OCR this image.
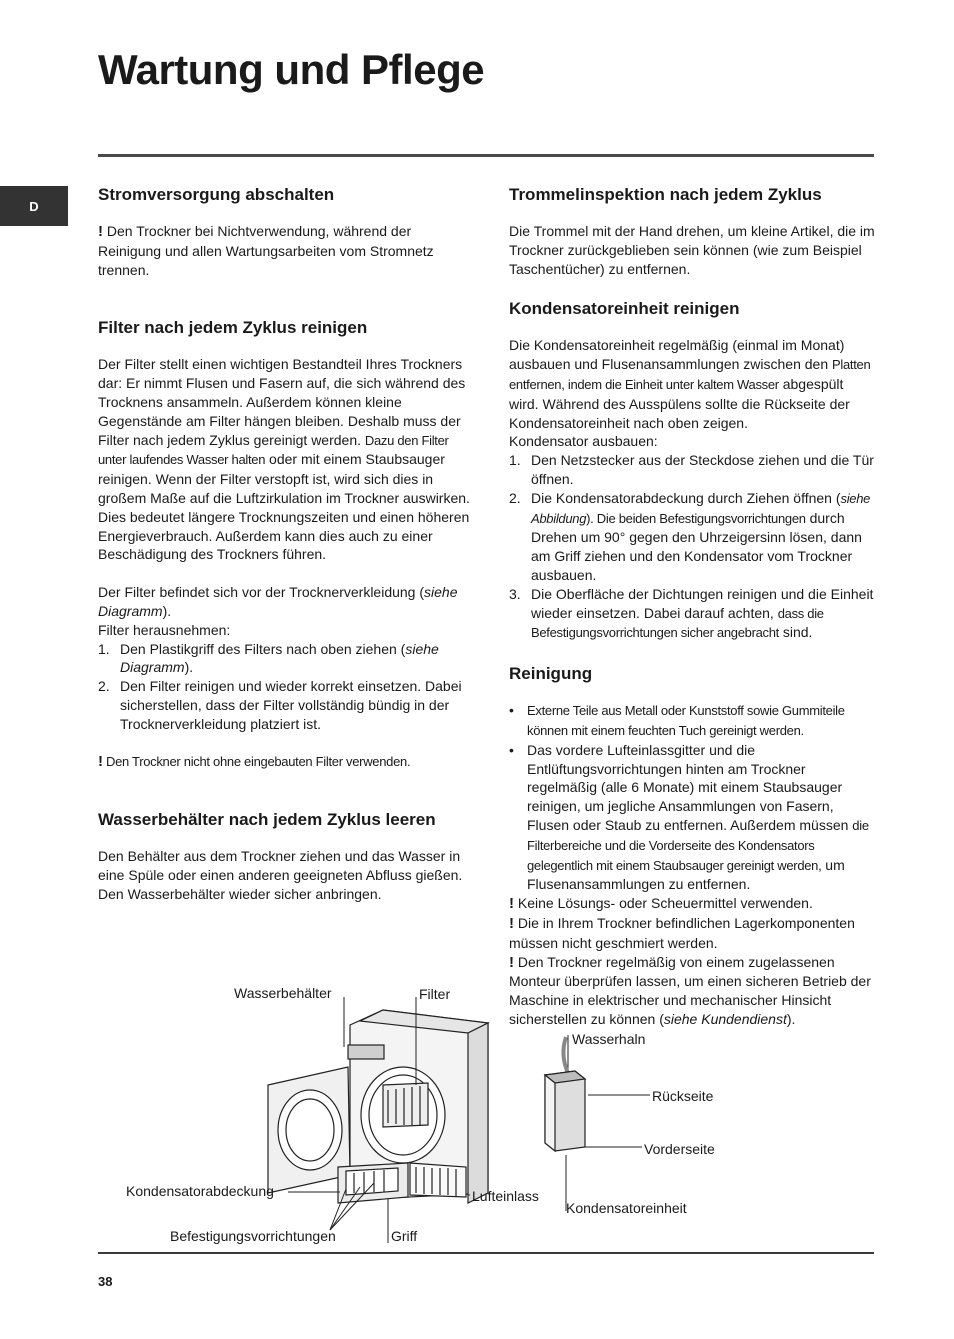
Wartung und Pflege
D
Stromversorgung abschalten

! Den Trockner bei Nichtverwendung, während der Reinigung und allen Wartungsarbeiten vom Stromnetz trennen.

Filter nach jedem Zyklus reinigen

Der Filter stellt einen wichtigen Bestandteil Ihres Trockners dar: Er nimmt Flusen und Fasern auf, die sich während des Trocknens ansammeln. Außerdem können kleine Gegenstände am Filter hängen bleiben. Deshalb muss der Filter nach jedem Zyklus gereinigt werden. Dazu den Filter unter laufendes Wasser halten oder mit einem Staubsauger reinigen. Wenn der Filter verstopft ist, wird sich dies in großem Maße auf die Luftzirkulation im Trockner auswirken. Dies bedeutet längere Trocknungszeiten und einen höheren Energieverbrauch. Außerdem kann dies auch zu einer Beschädigung des Trockners führen.

Der Filter befindet sich vor der Trocknerverkleidung (siehe Diagramm).

Filter herausnehmen:

1. Den Plastikgriff des Filters nach oben ziehen (siehe Diagramm).
2. Den Filter reinigen und wieder korrekt einsetzen. Dabei sicherstellen, dass der Filter vollständig bündig in der Trocknerverkleidung platziert ist.

! Den Trockner nicht ohne eingebauten Filter verwenden.

Wasserbehälter nach jedem Zyklus leeren

Den Behälter aus dem Trockner ziehen und das Wasser in eine Spüle oder einen anderen geeigneten Abfluss gießen.

Den Wasserbehälter wieder sicher anbringen.

Trommelinspektion nach jedem Zyklus

Die Trommel mit der Hand drehen, um kleine Artikel, die im Trockner zurückgeblieben sein können (wie zum Beispiel Taschentücher) zu entfernen.

Kondensatoreinheit reinigen

Die Kondensatoreinheit regelmäßig (einmal im Monat) ausbauen und Flusenansammlungen zwischen den Platten entfernen, indem die Einheit unter kaltem Wasser abgespült wird. Während des Ausspülens sollte die Rückseite der Kondensatoreinheit nach oben zeigen.

Kondensator ausbauen:

1. Den Netzstecker aus der Steckdose ziehen und die Tür öffnen.
2. Die Kondensatorabdeckung durch Ziehen öffnen (siehe Abbildung). Die beiden Befestigungsvorrichtungen durch Drehen um 90° gegen den Uhrzeigersinn lösen, dann am Griff ziehen und den Kondensator vom Trockner ausbauen.
3. Die Oberfläche der Dichtungen reinigen und die Einheit wieder einsetzen. Dabei darauf achten, dass die Befestigungsvorrichtungen sicher angebracht sind.
Reinigung
• Externe Teile aus Metall oder Kunststoff sowie Gummiteile können mit einem feuchten Tuch gereinigt werden.
• Das vordere Lufteinlassgitter und die Entlüftungsvorrichtungen hinten am Trockner regelmäßig (alle 6 Monate) mit einem Staubsauger reinigen, um jegliche Ansammlungen von Fasern, Flusen oder Staub zu entfernen. Außerdem müssen die Filterbereiche und die Vorderseite des Kondensators gelegentlich mit einem Staubsauger gereinigt werden, um Flusenansammlungen zu entfernen.

! Keine Lösungs- oder Scheuermittel verwenden.

! Die in Ihrem Trockner befindlichen Lagerkomponenten müssen nicht geschmiert werden.

! Den Trockner regelmäßig von einem zugelassenen Monteur überprüfen lassen, um einen sicheren Betrieb der Maschine in elektrischer und mechanischer Hinsicht sicherstellen zu können (siehe Kundendienst).

Wasserbehälter	Filter
Kondensatorabdeckung	Lufteinlass
Befestigungsvorrichtungen	Griff
Wasserhaln
Rückseite
Vorderseite
Kondensatoreinheit
38
